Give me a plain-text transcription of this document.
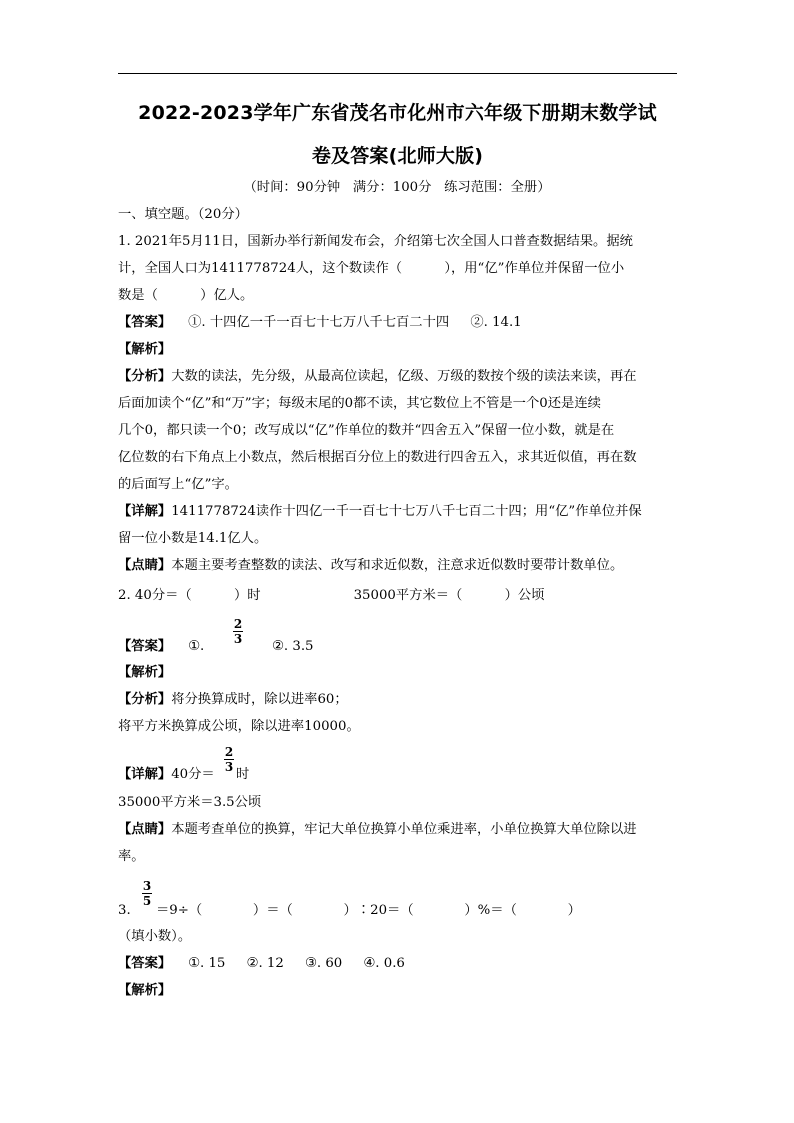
2022-2023学年广东省茂名市化州市六年级下册期末数学试
卷及答案(北师大版)
（时间：90分钟   满分：100分   练习范围：全册）
一、填空题。（20分）
1. 2021年5月11日，国新办举行新闻发布会，介绍第七次全国人口普查数据结果。据统
计，全国人口为1411778724人，这个数读作（          ），用“亿”作单位并保留一位小
数是（          ）亿人。
【答案】    ①. 十四亿一千一百七十七万八千七百二十四     ②. 14.1
【解析】
【分析】大数的读法，先分级，从最高位读起，亿级、万级的数按个级的读法来读，再在
后面加读个“亿”和“万”字；每级末尾的0都不读，其它数位上不管是一个0还是连续
几个0，都只读一个0；改写成以“亿”作单位的数并“四舍五入”保留一位小数，就是在
亿位数的右下角点上小数点，然后根据百分位上的数进行四舍五入，求其近似值，再在数
的后面写上“亿”字。
【详解】1411778724读作十四亿一千一百七十七万八千七百二十四；用“亿”作单位并保
留一位小数是14.1亿人。
【点睛】本题主要考查整数的读法、改写和求近似数，注意求近似数时要带计数单位。
2. 40分＝（          ）时                      35000平方米＝（          ）公顷
【答案】    ①.
2
3 ②. 3.5
【解析】
【分析】将分换算成时，除以进率60；
将平方米换算成公顷，除以进率10000。
【详解】40分＝
2
3 时
35000平方米＝3.5公顷
【点睛】本题考查单位的换算，牢记大单位换算小单位乘进率，小单位换算大单位除以进
率。
3.
3
5
＝9÷（            ）＝（            ）∶20＝（            ）%＝（            ）
（填小数）。
【答案】    ①. 15     ②. 12     ③. 60     ④. 0.6
【解析】
